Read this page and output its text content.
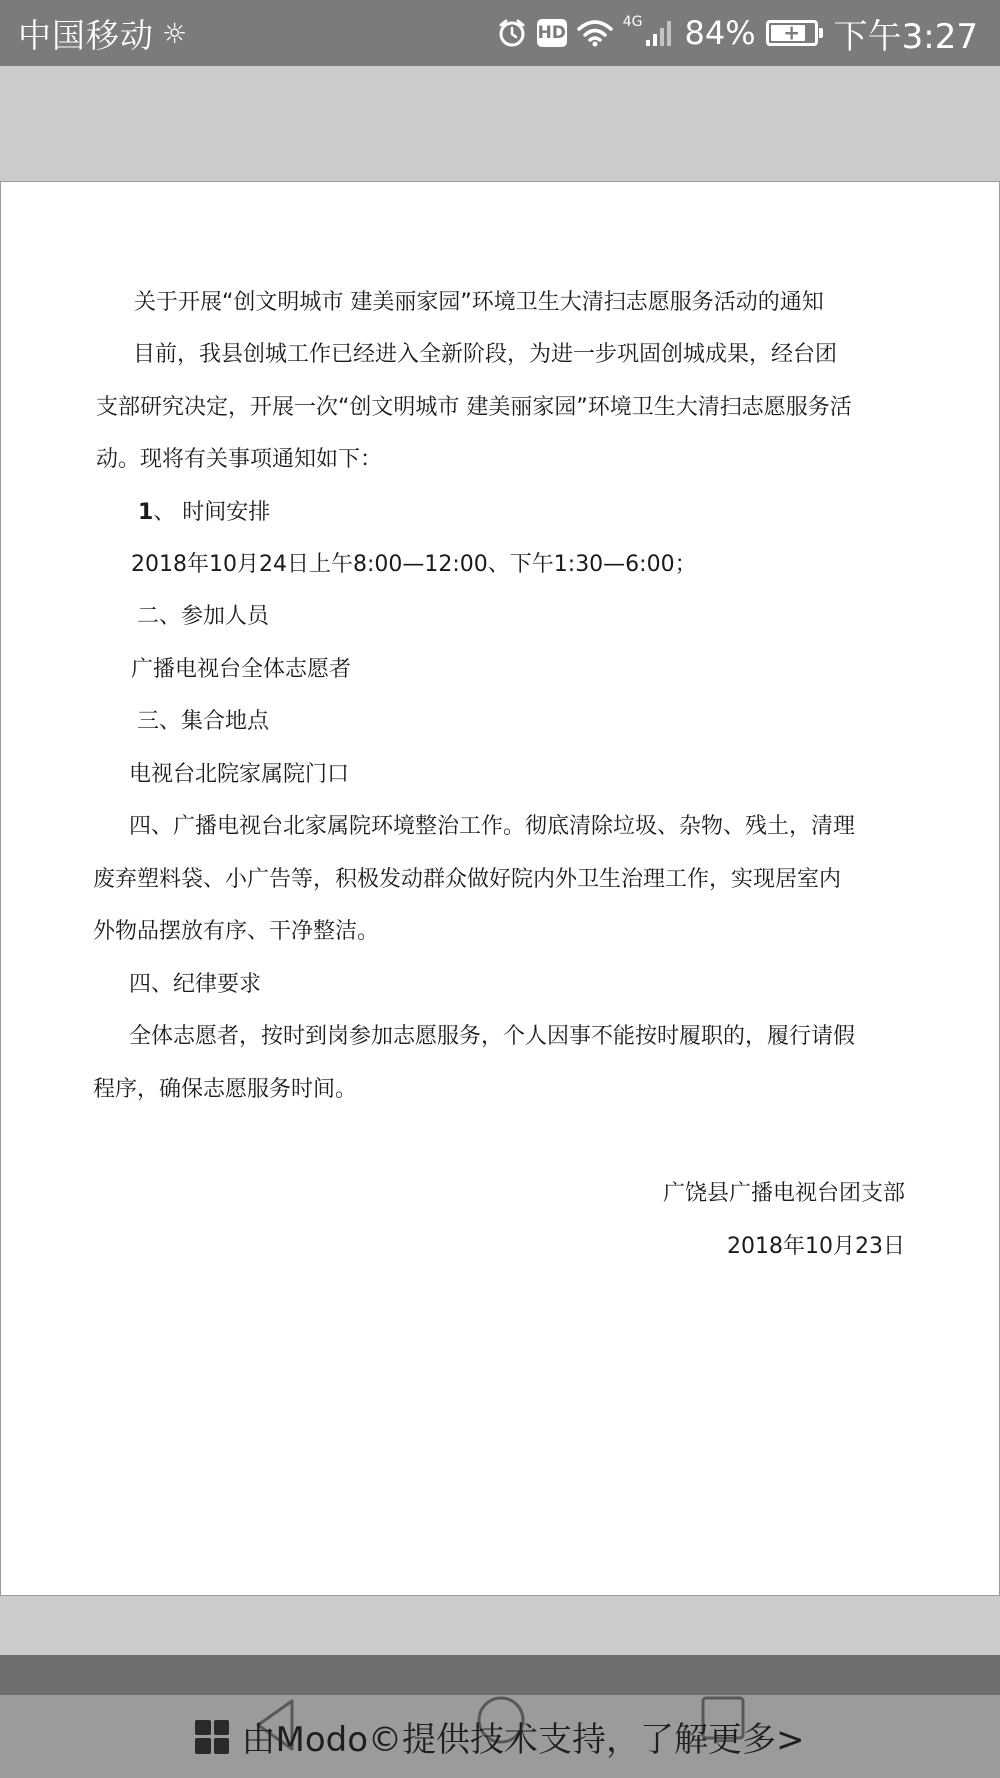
中国移动 ☼	HD
4G 84% + 下午3:27
关于开展“创文明城市 建美丽家园”环境卫生大清扫志愿服务活动的通知
目前，我县创城工作已经进入全新阶段，为进一步巩固创城成果，经台团
支部研究决定，开展一次“创文明城市 建美丽家园”环境卫生大清扫志愿服务活
动。现将有关事项通知如下：
1、 时间安排
2018年10月24日上午8:00—12:00、下午1:30—6:00；
二、参加人员
广播电视台全体志愿者
三、集合地点
电视台北院家属院门口
四、广播电视台北家属院环境整治工作。彻底清除垃圾、杂物、残土，清理
废弃塑料袋、小广告等，积极发动群众做好院内外卫生治理工作，实现居室内
外物品摆放有序、干净整洁。
四、纪律要求
全体志愿者，按时到岗参加志愿服务，个人因事不能按时履职的，履行请假
程序，确保志愿服务时间。
广饶县广播电视台团支部
2018年10月23日
由Modo©提供技术支持，了解更多>
